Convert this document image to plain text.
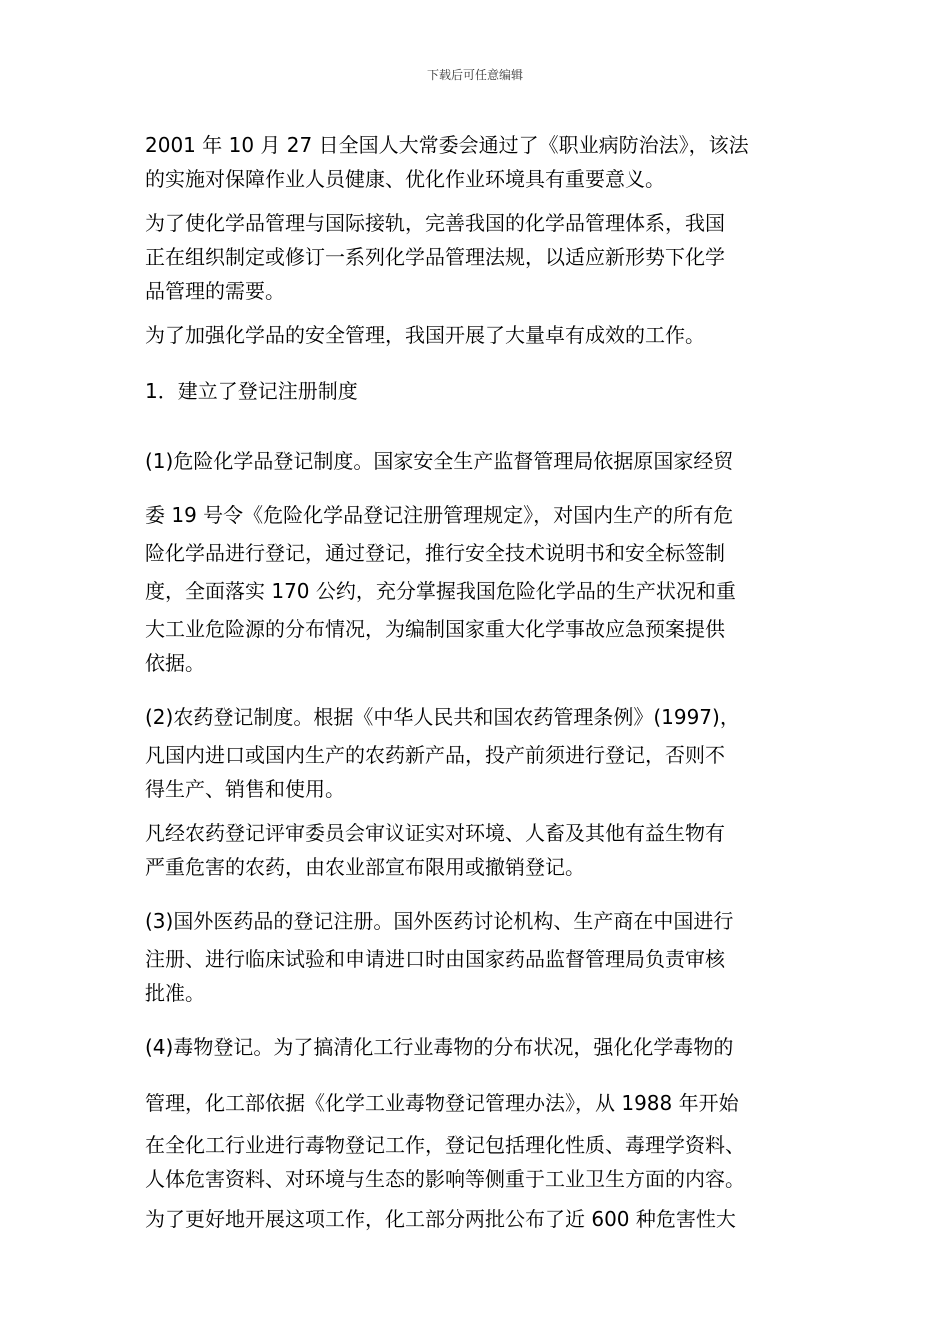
下载后可任意编辑
2001 年 10 月 27 日全国人大常委会通过了《职业病防治法》，该法
的实施对保障作业人员健康、优化作业环境具有重要意义。
为了使化学品管理与国际接轨，完善我国的化学品管理体系，我国
正在组织制定或修订一系列化学品管理法规，以适应新形势下化学
品管理的需要。
为了加强化学品的安全管理，我国开展了大量卓有成效的工作。
1．建立了登记注册制度
(1)危险化学品登记制度。国家安全生产监督管理局依据原国家经贸
委 19 号令《危险化学品登记注册管理规定》，对国内生产的所有危
险化学品进行登记，通过登记，推行安全技术说明书和安全标签制
度，全面落实 170 公约，充分掌握我国危险化学品的生产状况和重
大工业危险源的分布情况，为编制国家重大化学事故应急预案提供
依据。
(2)农药登记制度。根据《中华人民共和国农药管理条例》(1997)，
凡国内进口或国内生产的农药新产品，投产前须进行登记，否则不
得生产、销售和使用。
凡经农药登记评审委员会审议证实对环境、人畜及其他有益生物有
严重危害的农药，由农业部宣布限用或撤销登记。
(3)国外医药品的登记注册。国外医药讨论机构、生产商在中国进行
注册、进行临床试验和申请进口时由国家药品监督管理局负责审核
批准。
(4)毒物登记。为了搞清化工行业毒物的分布状况，强化化学毒物的
管理，化工部依据《化学工业毒物登记管理办法》，从 1988 年开始
在全化工行业进行毒物登记工作，登记包括理化性质、毒理学资料、
人体危害资料、对环境与生态的影响等侧重于工业卫生方面的内容。
为了更好地开展这项工作，化工部分两批公布了近 600 种危害性大
